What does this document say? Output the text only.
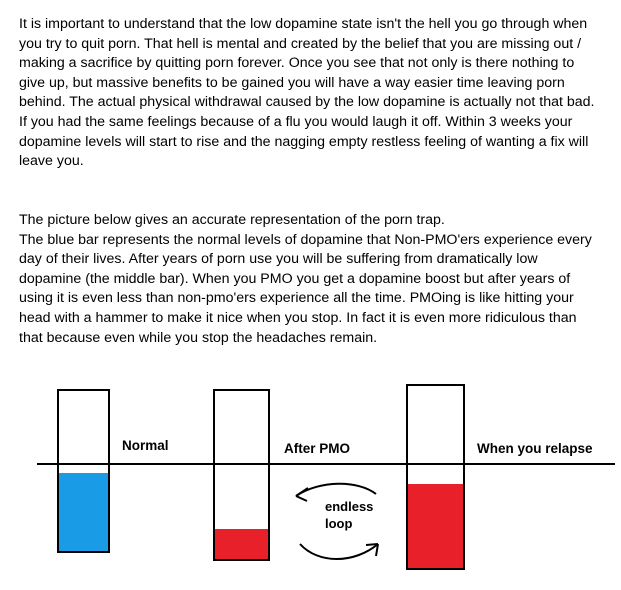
It is important to understand that the low dopamine state isn't the hell you go through when
you try to quit porn. That hell is mental and created by the belief that you are missing out /
making a sacrifice by quitting porn forever. Once you see that not only is there nothing to
give up, but massive benefits to be gained you will have a way easier time leaving porn
behind. The actual physical withdrawal caused by the low dopamine is actually not that bad.
If you had the same feelings because of a flu you would laugh it off. Within 3 weeks your
dopamine levels will start to rise and the nagging empty restless feeling of wanting a fix will
leave you.
The picture below gives an accurate representation of the porn trap.
The blue bar represents the normal levels of dopamine that Non-PMO'ers experience every
day of their lives. After years of porn use you will be suffering from dramatically low
dopamine (the middle bar). When you PMO you get a dopamine boost but after years of
using it is even less than non-pmo'ers experience all the time. PMOing is like hitting your
head with a hammer to make it nice when you stop. In fact it is even more ridiculous than
that because even while you stop the headaches remain.
Normal	After PMO	When you relapse
endless
loop
